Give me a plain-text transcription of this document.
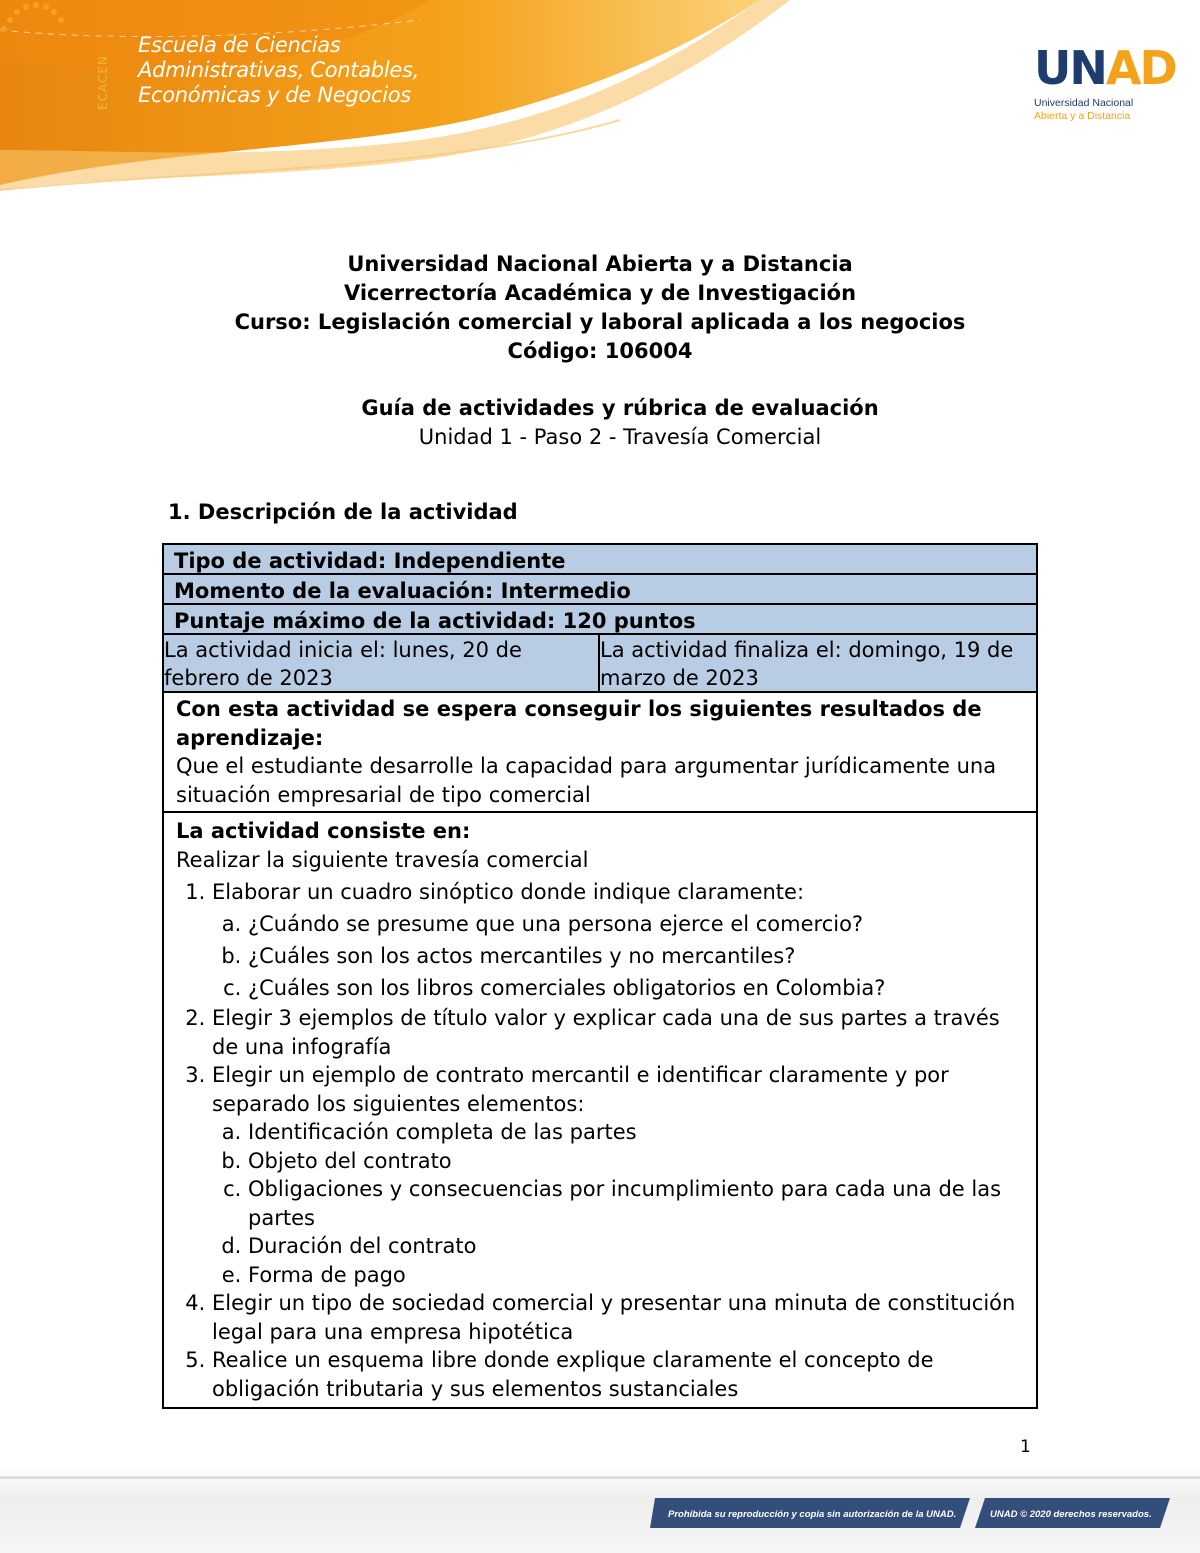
ECACEN
Escuela de Ciencias
Administrativas, Contables,
Económicas y de Negocios	UNAD
Universidad Nacional
Abierta y a Distancia
Universidad Nacional Abierta y a Distancia
Vicerrectoría Académica y de Investigación
Curso: Legislación comercial y laboral aplicada a los negocios
Código: 106004
Guía de actividades y rúbrica de evaluación
Unidad 1 - Paso 2 - Travesía Comercial
1. Descripción de la actividad
Tipo de actividad: Independiente
Momento de la evaluación: Intermedio
Puntaje máximo de la actividad: 120 puntos
La actividad inicia el: lunes, 20 de febrero de 2023
La actividad finaliza el: domingo, 19 de marzo de 2023
Con esta actividad se espera conseguir los siguientes resultados de aprendizaje:
Que el estudiante desarrolle la capacidad para argumentar jurídicamente una situación empresarial de tipo comercial
La actividad consiste en:
Realizar la siguiente travesía comercial
1. Elaborar un cuadro sinóptico donde indique claramente:
a. ¿Cuándo se presume que una persona ejerce el comercio?
b. ¿Cuáles son los actos mercantiles y no mercantiles?
c. ¿Cuáles son los libros comerciales obligatorios en Colombia?
2. Elegir 3 ejemplos de título valor y explicar cada una de sus partes a través de una infografía
3. Elegir un ejemplo de contrato mercantil e identificar claramente y por separado los siguientes elementos:
a. Identificación completa de las partes
b. Objeto del contrato
c. Obligaciones y consecuencias por incumplimiento para cada una de las partes
d. Duración del contrato
e. Forma de pago
4. Elegir un tipo de sociedad comercial y presentar una minuta de constitución legal para una empresa hipotética
5. Realice un esquema libre donde explique claramente el concepto de obligación tributaria y sus elementos sustanciales
1
Prohibida su reproducción y copia sin autorización de la UNAD.	UNAD © 2020 derechos reservados.
